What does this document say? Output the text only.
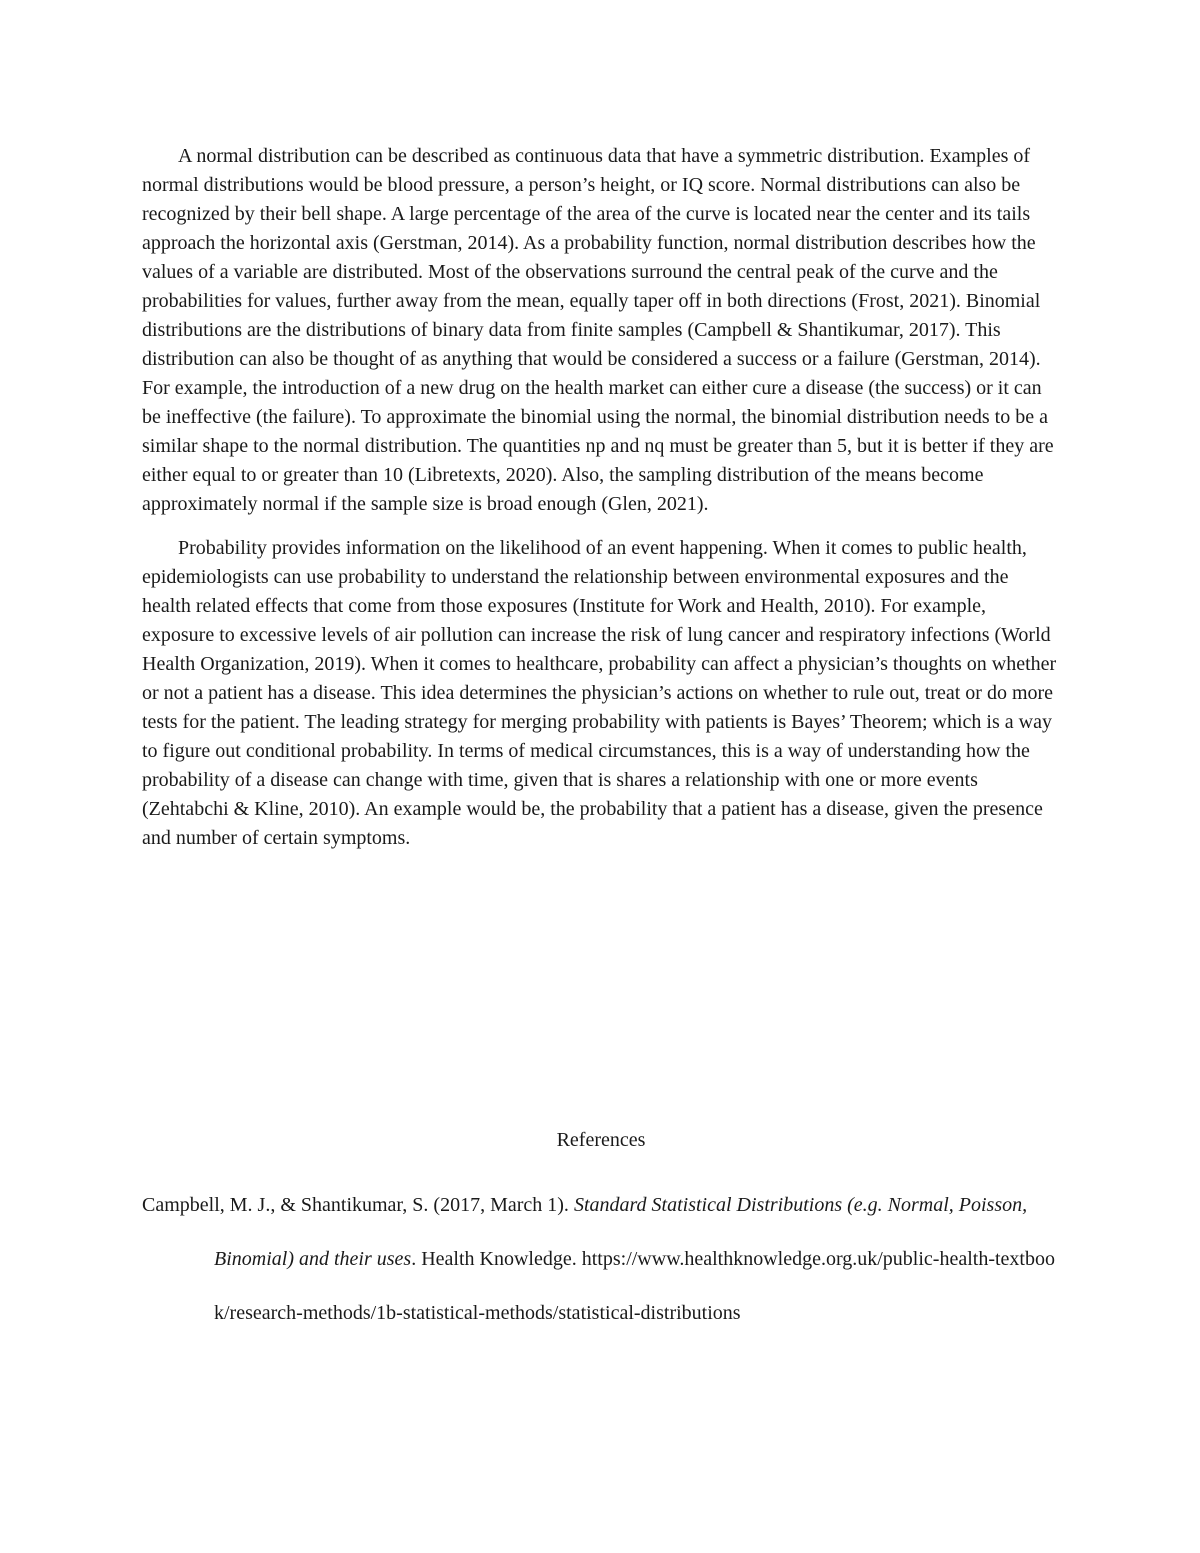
A normal distribution can be described as continuous data that have a symmetric distribution. Examples of normal distributions would be blood pressure, a person’s height, or IQ score. Normal distributions can also be recognized by their bell shape. A large percentage of the area of the curve is located near the center and its tails approach the horizontal axis (Gerstman, 2014). As a probability function, normal distribution describes how the values of a variable are distributed. Most of the observations surround the central peak of the curve and the probabilities for values, further away from the mean, equally taper off in both directions (Frost, 2021). Binomial distributions are the distributions of binary data from finite samples (Campbell & Shantikumar, 2017). This distribution can also be thought of as anything that would be considered a success or a failure (Gerstman, 2014). For example, the introduction of a new drug on the health market can either cure a disease (the success) or it can be ineffective (the failure). To approximate the binomial using the normal, the binomial distribution needs to be a similar shape to the normal distribution. The quantities np and nq must be greater than 5, but it is better if they are either equal to or greater than 10 (Libretexts, 2020). Also, the sampling distribution of the means become approximately normal if the sample size is broad enough (Glen, 2021).

Probability provides information on the likelihood of an event happening. When it comes to public health, epidemiologists can use probability to understand the relationship between environmental exposures and the health related effects that come from those exposures (Institute for Work and Health, 2010). For example, exposure to excessive levels of air pollution can increase the risk of lung cancer and respiratory infections (World Health Organization, 2019). When it comes to healthcare, probability can affect a physician’s thoughts on whether or not a patient has a disease. This idea determines the physician’s actions on whether to rule out, treat or do more tests for the patient. The leading strategy for merging probability with patients is Bayes’ Theorem; which is a way to figure out conditional probability. In terms of medical circumstances, this is a way of understanding how the probability of a disease can change with time, given that is shares a relationship with one or more events (Zehtabchi & Kline, 2010). An example would be, the probability that a patient has a disease, given the presence and number of certain symptoms.

References

Campbell, M. J., & Shantikumar, S. (2017, March 1). Standard Statistical Distributions (e.g. Normal, Poisson, Binomial) and their uses. Health Knowledge. https://www.healthknowledge.org.uk/public-health-textbook/research-methods/1b-statistical-methods/statistical-distributions
